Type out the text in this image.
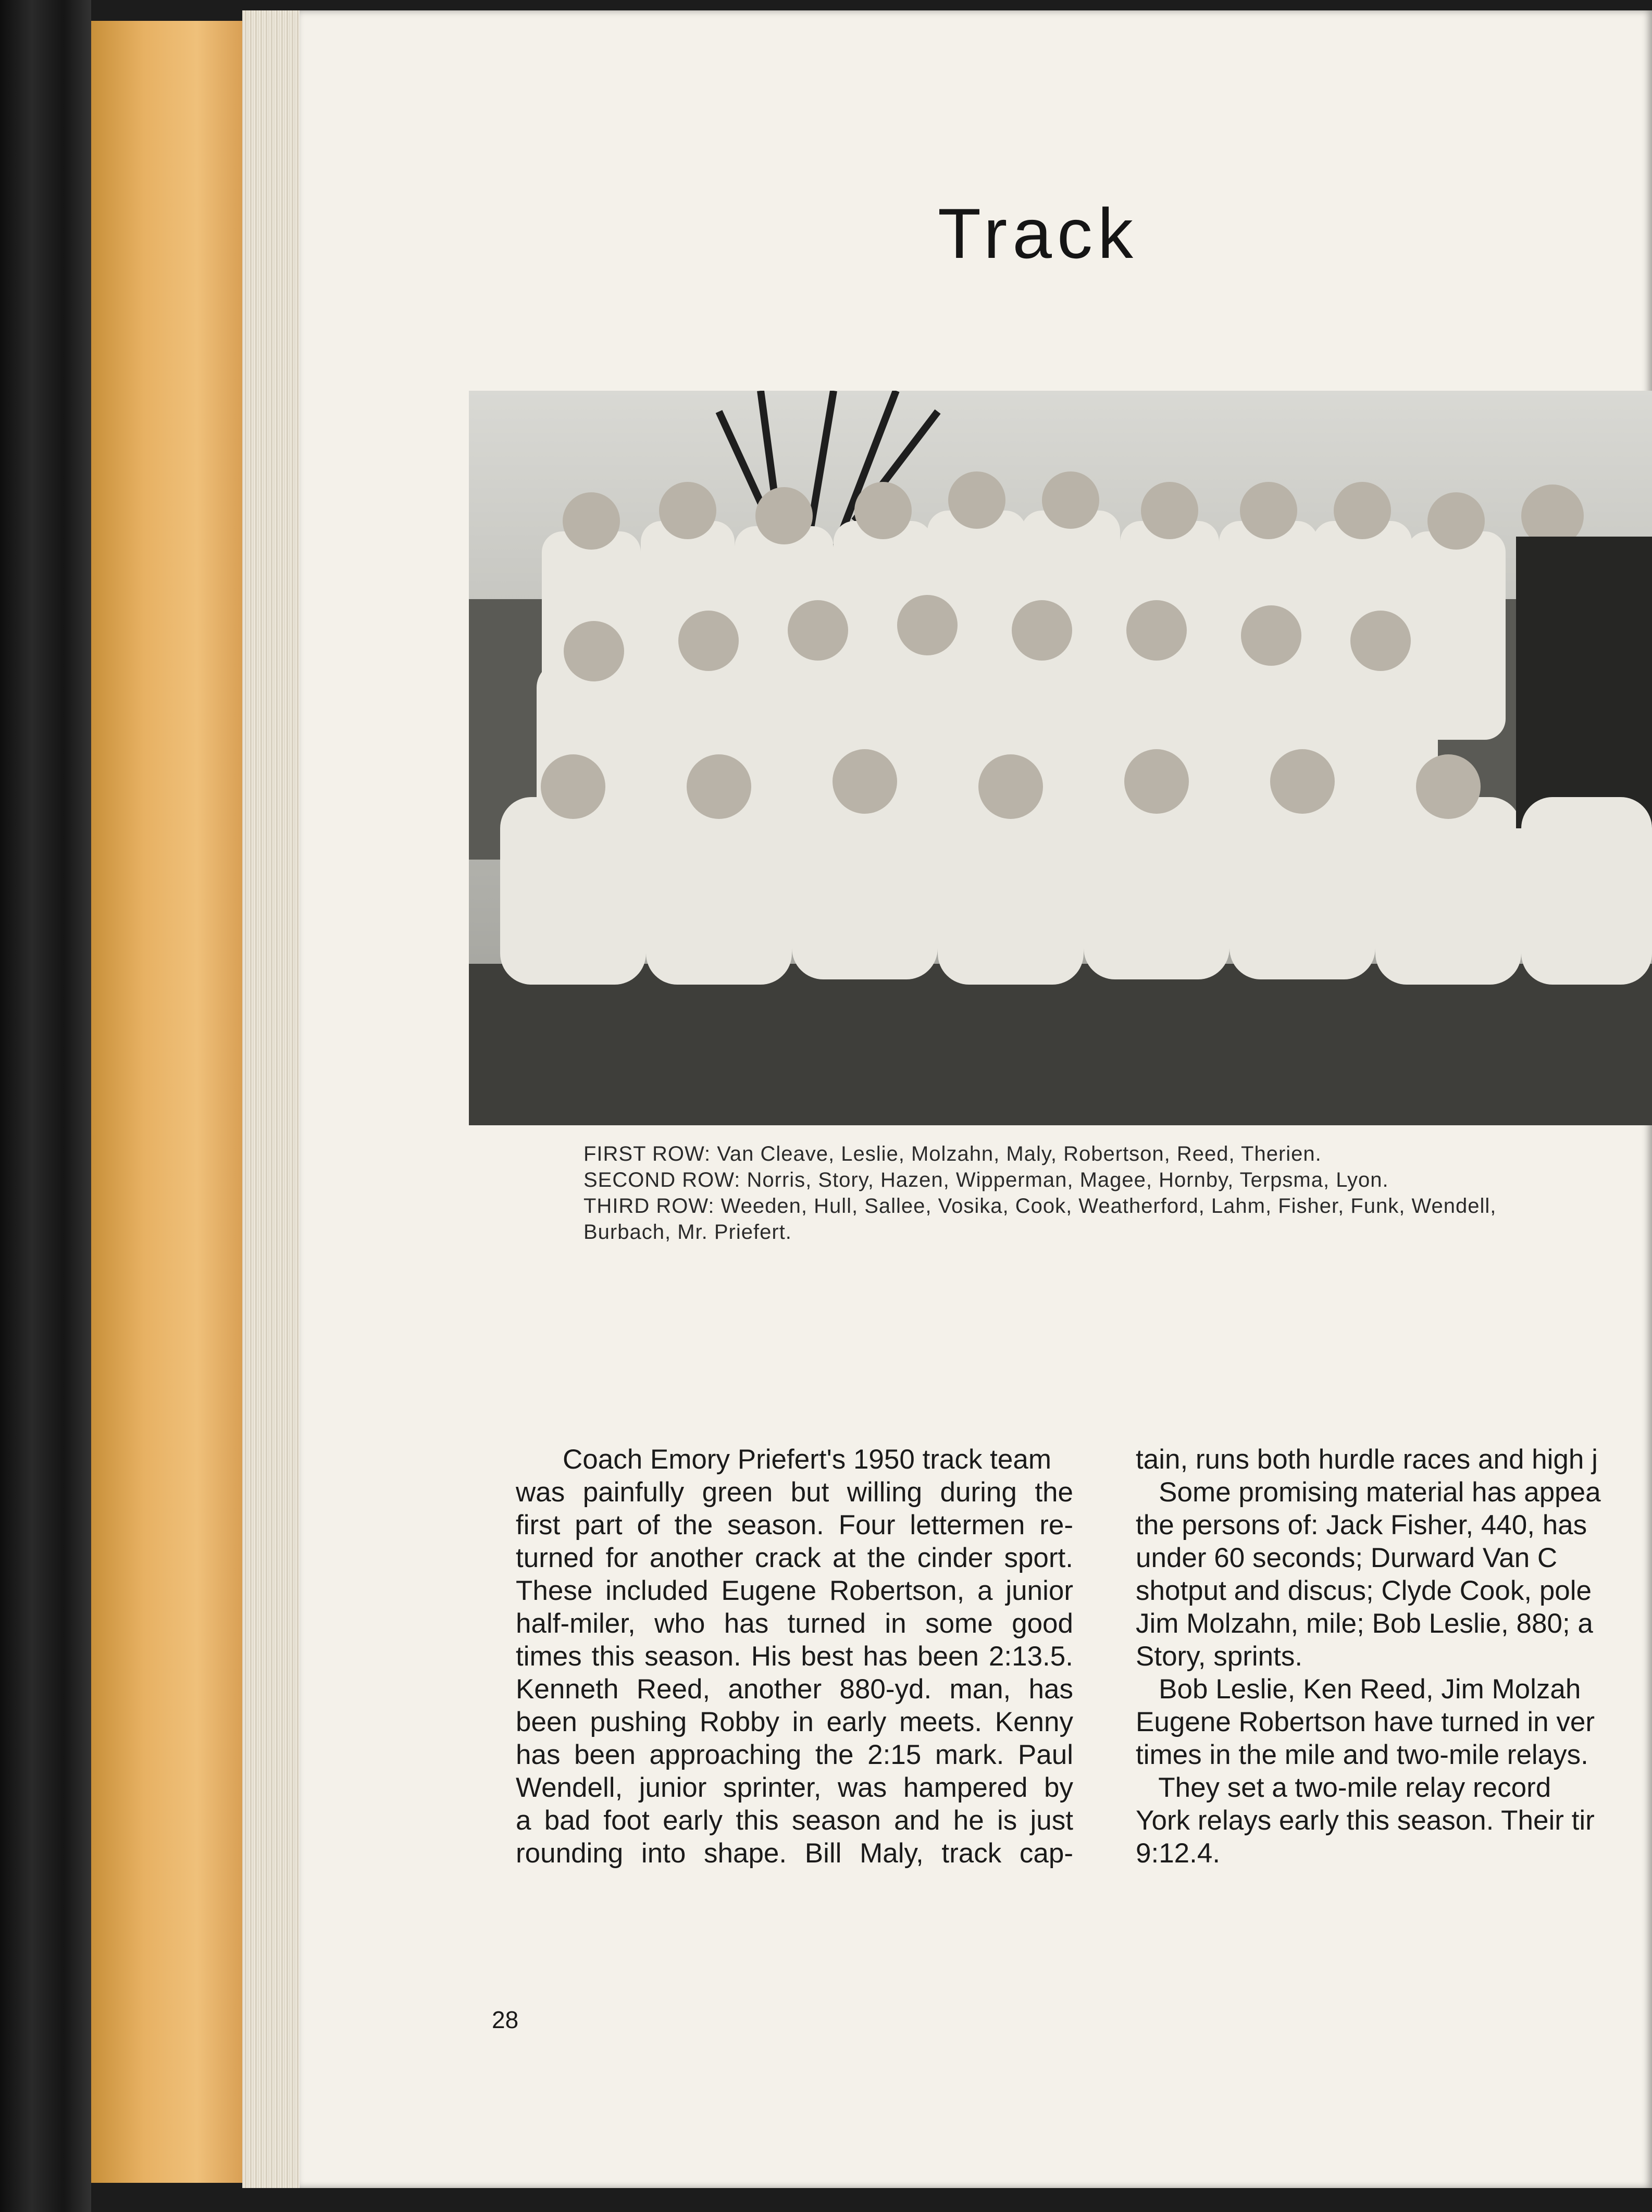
Track
FIRST ROW: Van Cleave, Leslie, Molzahn, Maly, Robertson, Reed, Therien.
SECOND ROW: Norris, Story, Hazen, Wipperman, Magee, Hornby, Terpsma, Lyon.
THIRD ROW: Weeden, Hull, Sallee, Vosika, Cook, Weatherford, Lahm, Fisher, Funk, Wendell,
Burbach, Mr. Priefert.
Coach Emory Priefert's 1950 track team
was painfully green but willing during the
first part of the season. Four lettermen re-
turned for another crack at the cinder sport.
These included Eugene Robertson, a junior
half-miler, who has turned in some good
times this season. His best has been 2:13.5.
Kenneth Reed, another 880-yd. man, has
been pushing Robby in early meets. Kenny
has been approaching the 2:15 mark. Paul
Wendell, junior sprinter, was hampered by
a bad foot early this season and he is just
rounding into shape. Bill Maly, track cap-
tain, runs both hurdle races and high j
Some promising material has appea
the persons of: Jack Fisher, 440, has
under 60 seconds; Durward Van C
shotput and discus; Clyde Cook, pole
Jim Molzahn, mile; Bob Leslie, 880; a
Story, sprints.
Bob Leslie, Ken Reed, Jim Molzah
Eugene Robertson have turned in ver
times in the mile and two-mile relays.
They set a two-mile relay record
York relays early this season. Their tir
9:12.4.
28
